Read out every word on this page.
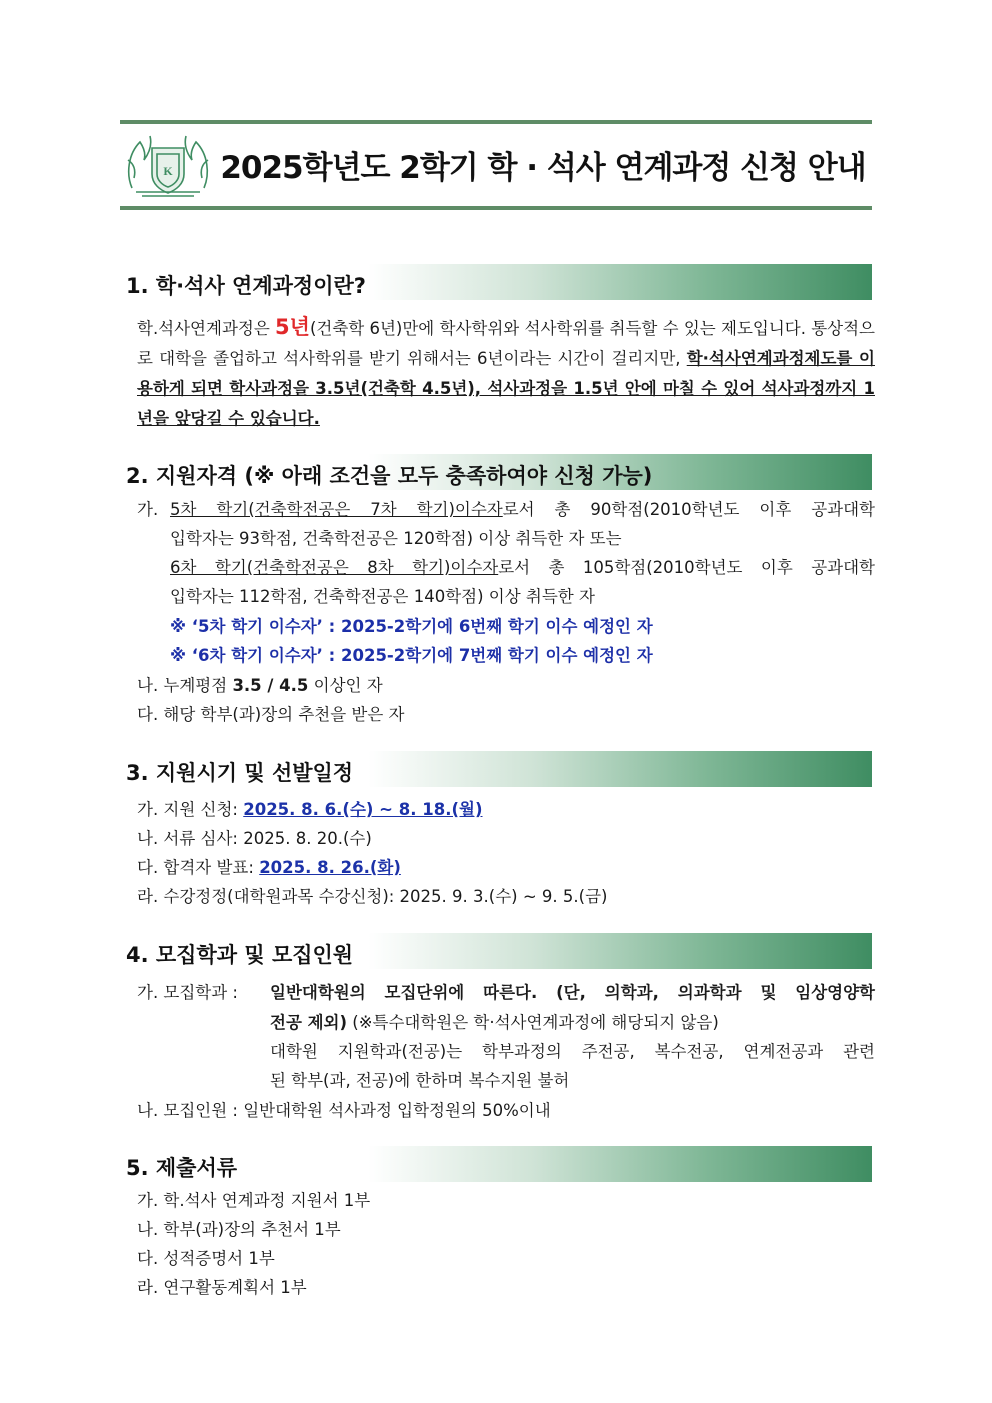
K 2025학년도 2학기 학 · 석사 연계과정 신청 안내
1. 학·석사 연계과정이란?
학.석사연계과정은 5년(건축학 6년)만에 학사학위와 석사학위를 취득할 수 있는 제도입니다. 통상적으로 대학을 졸업하고 석사학위를 받기 위해서는 6년이라는 시간이 걸리지만, 학·석사연계과정제도를 이용하게 되면 학사과정을 3.5년(건축학 4.5년), 석사과정을 1.5년 안에 마칠 수 있어 석사과정까지 1년을 앞당길 수 있습니다.
2. 지원자격 (※ 아래 조건을 모두 충족하여야 신청 가능)
가. 5차 학기(건축학전공은 7차 학기)이수자로서 총 90학점(2010학년도 이후 공과대학
입학자는 93학점, 건축학전공은 120학점) 이상 취득한 자 또는
6차 학기(건축학전공은 8차 학기)이수자로서 총 105학점(2010학년도 이후 공과대학
입학자는 112학점, 건축학전공은 140학점) 이상 취득한 자
※ ‘5차 학기 이수자’ : 2025-2학기에 6번째 학기 이수 예정인 자
※ ‘6차 학기 이수자’ : 2025-2학기에 7번째 학기 이수 예정인 자
나. 누계평점 3.5 / 4.5 이상인 자
다. 해당 학부(과)장의 추천을 받은 자
3. 지원시기 및 선발일정
가. 지원 신청: 2025. 8. 6.(수) ~ 8. 18.(월)
나. 서류 심사: 2025. 8. 20.(수)
다. 합격자 발표: 2025. 8. 26.(화)
라. 수강정정(대학원과목 수강신청): 2025. 9. 3.(수) ~ 9. 5.(금)
4. 모집학과 및 모집인원
가. 모집학과 : 일반대학원의 모집단위에 따른다. (단, 의학과, 의과학과 및 임상영양학
전공 제외) (※특수대학원은 학·석사연계과정에 해당되지 않음)
대학원 지원학과(전공)는 학부과정의 주전공, 복수전공, 연계전공과 관련
된 학부(과, 전공)에 한하며 복수지원 불허
나. 모집인원 : 일반대학원 석사과정 입학정원의 50%이내
5. 제출서류
가. 학.석사 연계과정 지원서 1부
나. 학부(과)장의 추천서 1부
다. 성적증명서 1부
라. 연구활동계획서 1부
